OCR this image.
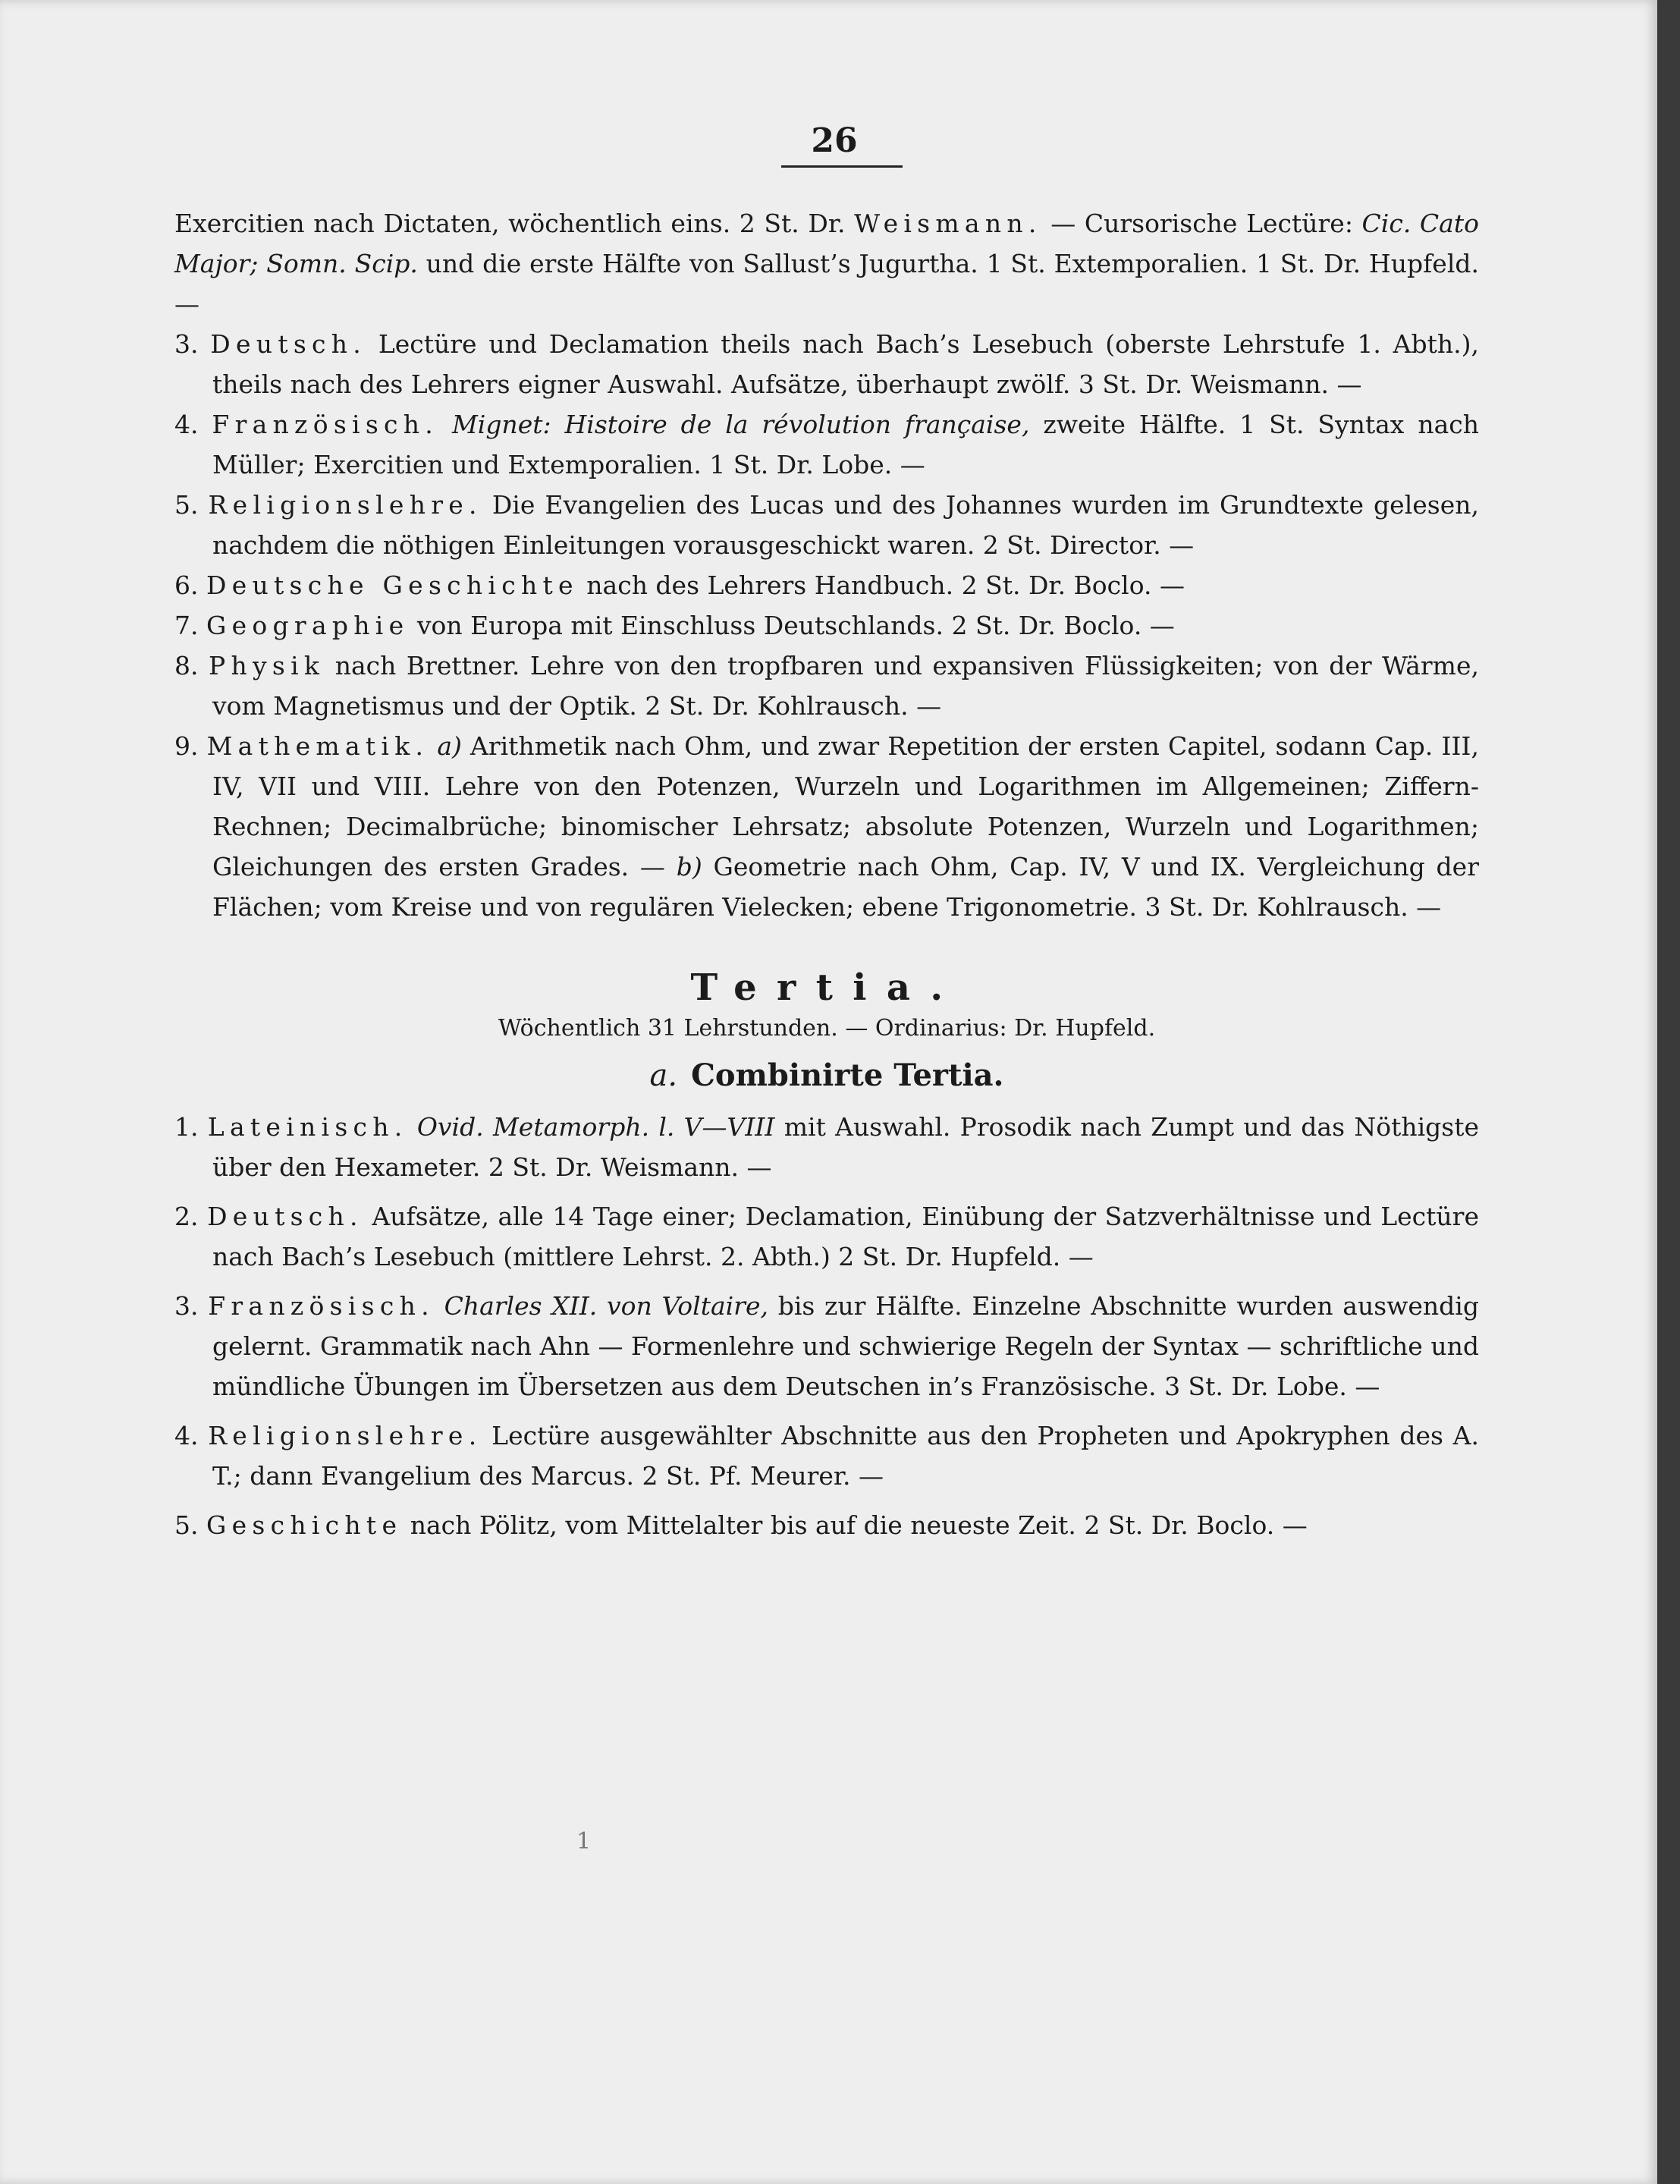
26

Exercitien nach Dictaten, wöchentlich eins. 2 St. Dr. Weismann. — Cursorische Lectüre: Cic. Cato Major; Somn. Scip. und die erste Hälfte von Sallust’s Jugurtha. 1 St. Extemporalien. 1 St. Dr. Hupfeld. —

3. Deutsch. Lectüre und Declamation theils nach Bach’s Lesebuch (oberste Lehrstufe 1. Abth.), theils nach des Lehrers eigner Auswahl. Aufsätze, überhaupt zwölf. 3 St. Dr. Weismann. —

4. Französisch. Mignet: Histoire de la révolution française, zweite Hälfte. 1 St. Syntax nach Müller; Exercitien und Extemporalien. 1 St. Dr. Lobe. —

5. Religionslehre. Die Evangelien des Lucas und des Johannes wurden im Grundtexte gelesen, nachdem die nöthigen Einleitungen vorausgeschickt waren. 2 St. Director. —

6. Deutsche Geschichte nach des Lehrers Handbuch. 2 St. Dr. Boclo. —

7. Geographie von Europa mit Einschluss Deutschlands. 2 St. Dr. Boclo. —

8. Physik nach Brettner. Lehre von den tropfbaren und expansiven Flüssigkeiten; von der Wärme, vom Magnetismus und der Optik. 2 St. Dr. Kohlrausch. —

9. Mathematik. a) Arithmetik nach Ohm, und zwar Repetition der ersten Capitel, sodann Cap. III, IV, VII und VIII. Lehre von den Potenzen, Wurzeln und Logarithmen im Allgemeinen; Ziffern-Rechnen; Decimalbrüche; binomischer Lehrsatz; absolute Potenzen, Wurzeln und Logarithmen; Gleichungen des ersten Grades. — b) Geometrie nach Ohm, Cap. IV, V und IX. Vergleichung der Flächen; vom Kreise und von regulären Vielecken; ebene Trigonometrie. 3 St. Dr. Kohlrausch. —

Tertia.
Wöchentlich 31 Lehrstunden. — Ordinarius: Dr. Hupfeld.
a. Combinirte Tertia.

1. Lateinisch. Ovid. Metamorph. l. V—VIII mit Auswahl. Prosodik nach Zumpt und das Nöthigste über den Hexameter. 2 St. Dr. Weismann. —

2. Deutsch. Aufsätze, alle 14 Tage einer; Declamation, Einübung der Satzverhältnisse und Lectüre nach Bach’s Lesebuch (mittlere Lehrst. 2. Abth.) 2 St. Dr. Hupfeld. —

3. Französisch. Charles XII. von Voltaire, bis zur Hälfte. Einzelne Abschnitte wurden auswendig gelernt. Grammatik nach Ahn — Formenlehre und schwierige Regeln der Syntax — schriftliche und mündliche Übungen im Übersetzen aus dem Deutschen in’s Französische. 3 St. Dr. Lobe. —

4. Religionslehre. Lectüre ausgewählter Abschnitte aus den Propheten und Apokryphen des A. T.; dann Evangelium des Marcus. 2 St. Pf. Meurer. —

5. Geschichte nach Pölitz, vom Mittelalter bis auf die neueste Zeit. 2 St. Dr. Boclo. —

1
